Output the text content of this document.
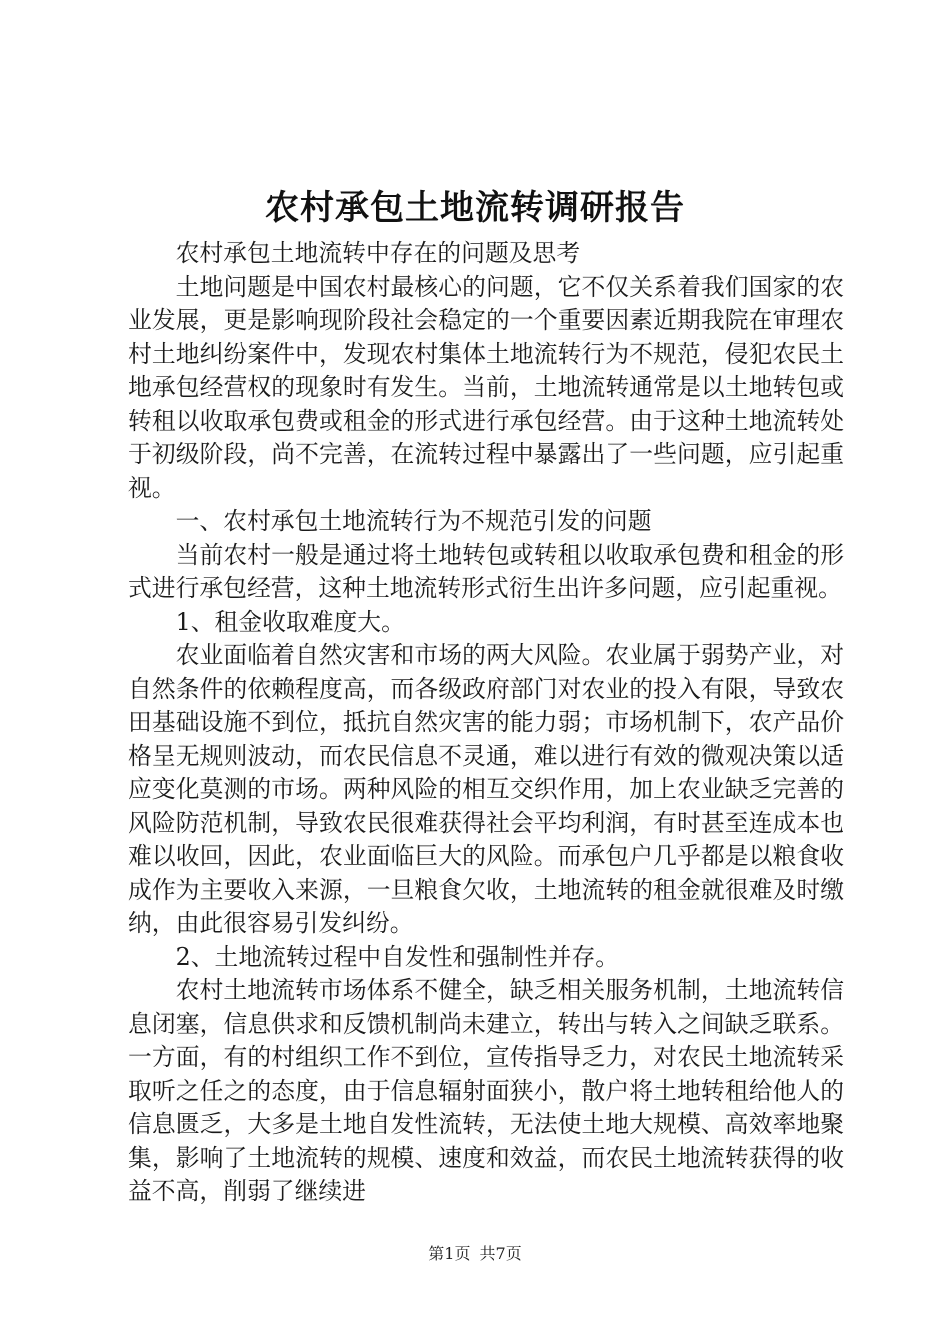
农村承包土地流转调研报告

农村承包土地流转中存在的问题及思考

土地问题是中国农村最核心的问题，它不仅关系着我们国家的农业发展，更是影响现阶段社会稳定的一个重要因素近期我院在审理农村土地纠纷案件中，发现农村集体土地流转行为不规范，侵犯农民土地承包经营权的现象时有发生。当前，土地流转通常是以土地转包或转租以收取承包费或租金的形式进行承包经营。由于这种土地流转处于初级阶段，尚不完善，在流转过程中暴露出了一些问题，应引起重视。

一、农村承包土地流转行为不规范引发的问题

当前农村一般是通过将土地转包或转租以收取承包费和租金的形式进行承包经营，这种土地流转形式衍生出许多问题，应引起重视。

1、租金收取难度大。

农业面临着自然灾害和市场的两大风险。农业属于弱势产业，对自然条件的依赖程度高，而各级政府部门对农业的投入有限，导致农田基础设施不到位，抵抗自然灾害的能力弱；市场机制下，农产品价格呈无规则波动，而农民信息不灵通，难以进行有效的微观决策以适应变化莫测的市场。两种风险的相互交织作用，加上农业缺乏完善的风险防范机制，导致农民很难获得社会平均利润，有时甚至连成本也难以收回，因此，农业面临巨大的风险。而承包户几乎都是以粮食收成作为主要收入来源，一旦粮食欠收，土地流转的租金就很难及时缴纳，由此很容易引发纠纷。

2、土地流转过程中自发性和强制性并存。

农村土地流转市场体系不健全，缺乏相关服务机制，土地流转信息闭塞，信息供求和反馈机制尚未建立，转出与转入之间缺乏联系。一方面，有的村组织工作不到位，宣传指导乏力，对农民土地流转采取听之任之的态度，由于信息辐射面狭小，散户将土地转租给他人的信息匮乏，大多是土地自发性流转，无法使土地大规模、高效率地聚集，影响了土地流转的规模、速度和效益，而农民土地流转获得的收益不高，削弱了继续进

第1页 共7页
